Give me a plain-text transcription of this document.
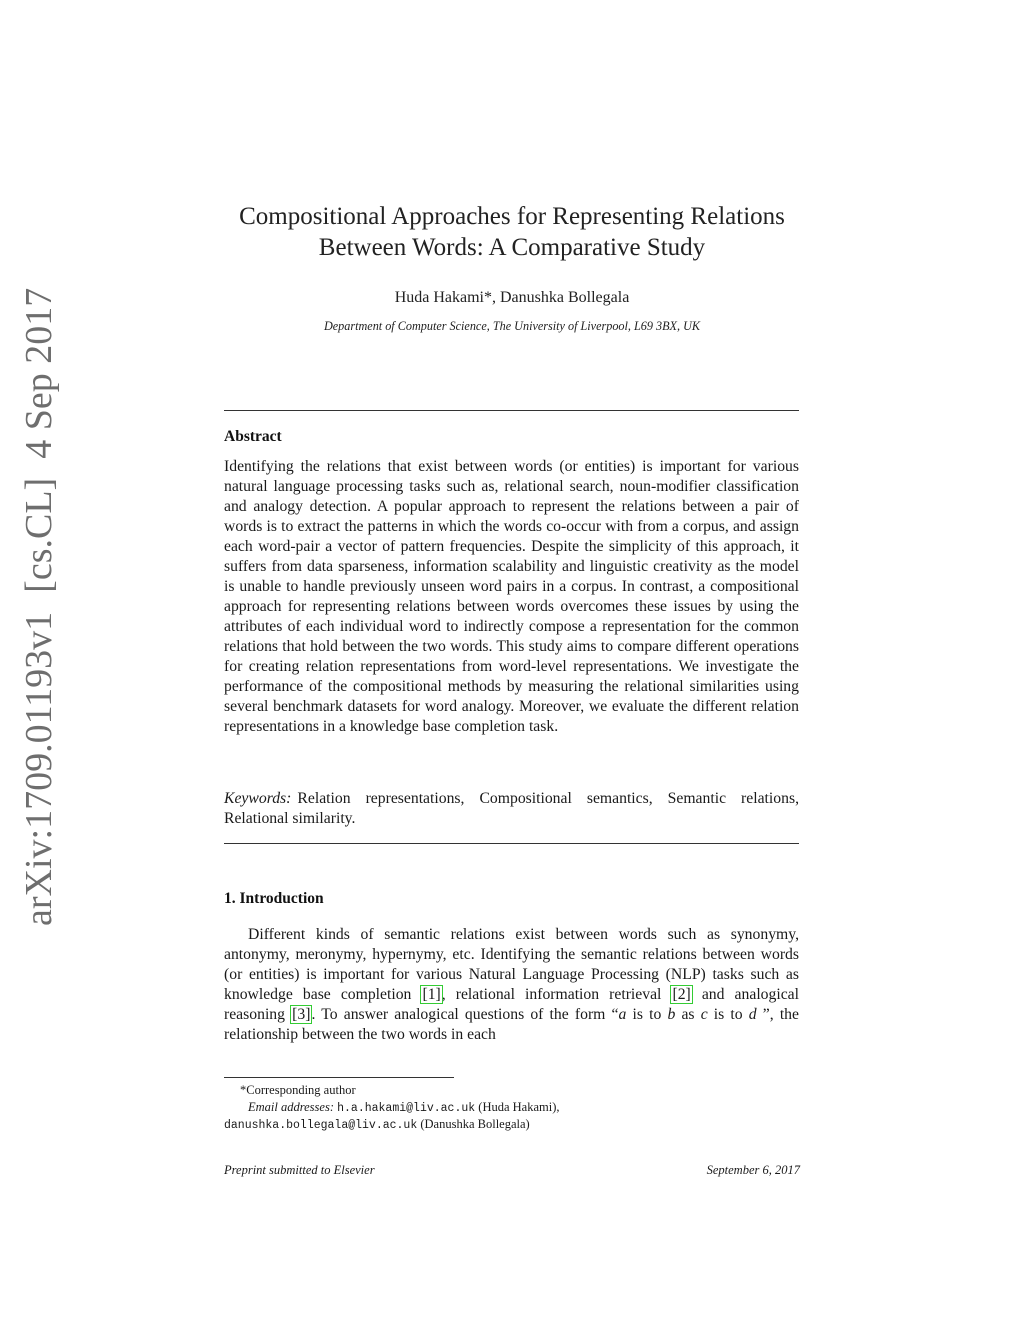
arXiv:1709.01193v1  [cs.CL]  4 Sep 2017
Compositional Approaches for Representing Relations Between Words: A Comparative Study
Huda Hakami*, Danushka Bollegala
Department of Computer Science, The University of Liverpool, L69 3BX, UK
Abstract
Identifying the relations that exist between words (or entities) is important for various natural language processing tasks such as, relational search, noun-modifier classification and analogy detection. A popular approach to represent the relations between a pair of words is to extract the patterns in which the words co-occur with from a corpus, and assign each word-pair a vector of pattern frequencies. Despite the simplicity of this approach, it suffers from data sparseness, information scalability and linguistic creativity as the model is unable to handle previously unseen word pairs in a corpus. In contrast, a compositional approach for representing relations between words overcomes these issues by using the attributes of each individual word to indirectly compose a representation for the common relations that hold between the two words. This study aims to compare different operations for creating relation representations from word-level representations. We investigate the performance of the compositional methods by measuring the relational similarities using several benchmark datasets for word analogy. Moreover, we evaluate the different relation representations in a knowledge base completion task.
Keywords: Relation representations, Compositional semantics, Semantic relations, Relational similarity.
1. Introduction
Different kinds of semantic relations exist between words such as synonymy, antonymy, meronymy, hypernymy, etc. Identifying the semantic relations between words (or entities) is important for various Natural Language Processing (NLP) tasks such as knowledge base completion [1], relational information retrieval [2] and analogical reasoning [3]. To answer analogical questions of the form “a is to b as c is to d ”, the relationship between the two words in each
*Corresponding author
Email addresses: h.a.hakami@liv.ac.uk (Huda Hakami),
danushka.bollegala@liv.ac.uk (Danushka Bollegala)
Preprint submitted to Elsevier	September 6, 2017
